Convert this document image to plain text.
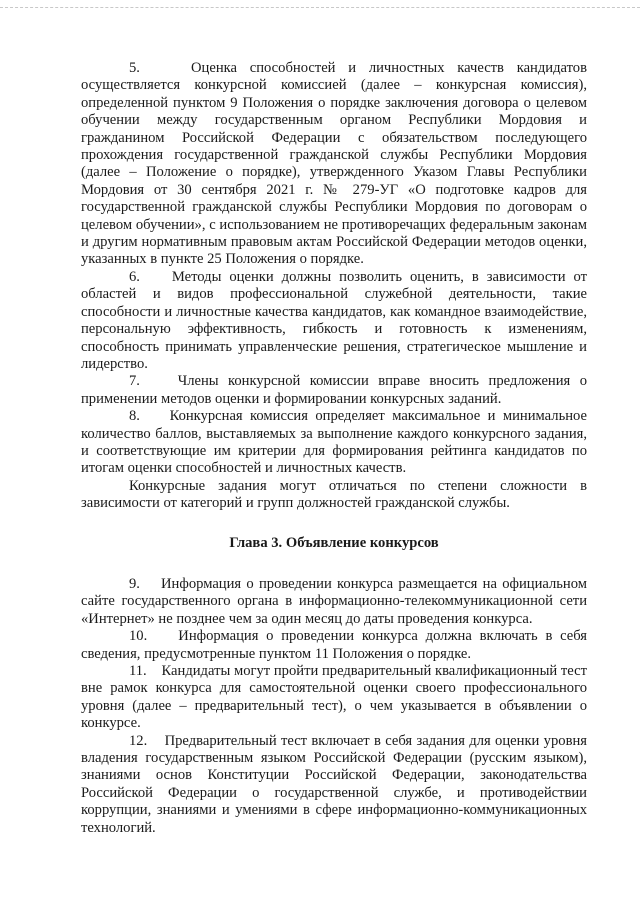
5.    Оценка способностей и личностных качеств кандидатов осуществляется конкурсной комиссией (далее – конкурсная комиссия), определенной пунктом 9 Положения о порядке заключения договора о целевом обучении между государственным органом Республики Мордовия и гражданином Российской Федерации с обязательством последующего прохождения государственной гражданской службы Республики Мордовия (далее – Положение о порядке), утвержденного Указом Главы Республики Мордовия от 30 сентября 2021 г. № 279-УГ «О подготовке кадров для государственной гражданской службы Республики Мордовия по договорам о целевом обучении», с использованием не противоречащих федеральным законам и другим нормативным правовым актам Российской Федерации методов оценки, указанных в пункте 25 Положения о порядке.

6.    Методы оценки должны позволить оценить, в зависимости от областей и видов профессиональной служебной деятельности, такие способности и личностные качества кандидатов, как командное взаимодействие, персональную эффективность, гибкость и готовность к изменениям, способность принимать управленческие решения, стратегическое мышление и лидерство.

7.    Члены конкурсной комиссии вправе вносить предложения о применении методов оценки и формировании конкурсных заданий.

8.    Конкурсная комиссия определяет максимальное и минимальное количество баллов, выставляемых за выполнение каждого конкурсного задания, и соответствующие им критерии для формирования рейтинга кандидатов по итогам оценки способностей и личностных качеств.

Конкурсные задания могут отличаться по степени сложности в зависимости от категорий и групп должностей гражданской службы.

Глава 3. Объявление конкурсов

9.    Информация о проведении конкурса размещается на официальном сайте государственного органа в информационно-телекоммуникационной сети «Интернет» не позднее чем за один месяц до даты проведения конкурса.

10.    Информация о проведении конкурса должна включать в себя сведения, предусмотренные пунктом 11 Положения о порядке.

11.    Кандидаты могут пройти предварительный квалификационный тест вне рамок конкурса для самостоятельной оценки своего профессионального уровня (далее – предварительный тест), о чем указывается в объявлении о конкурсе.

12.    Предварительный тест включает в себя задания для оценки уровня владения государственным языком Российской Федерации (русским языком), знаниями основ Конституции Российской Федерации, законодательства Российской Федерации о государственной службе, и противодействии коррупции, знаниями и умениями в сфере информационно-коммуникационных технологий.
